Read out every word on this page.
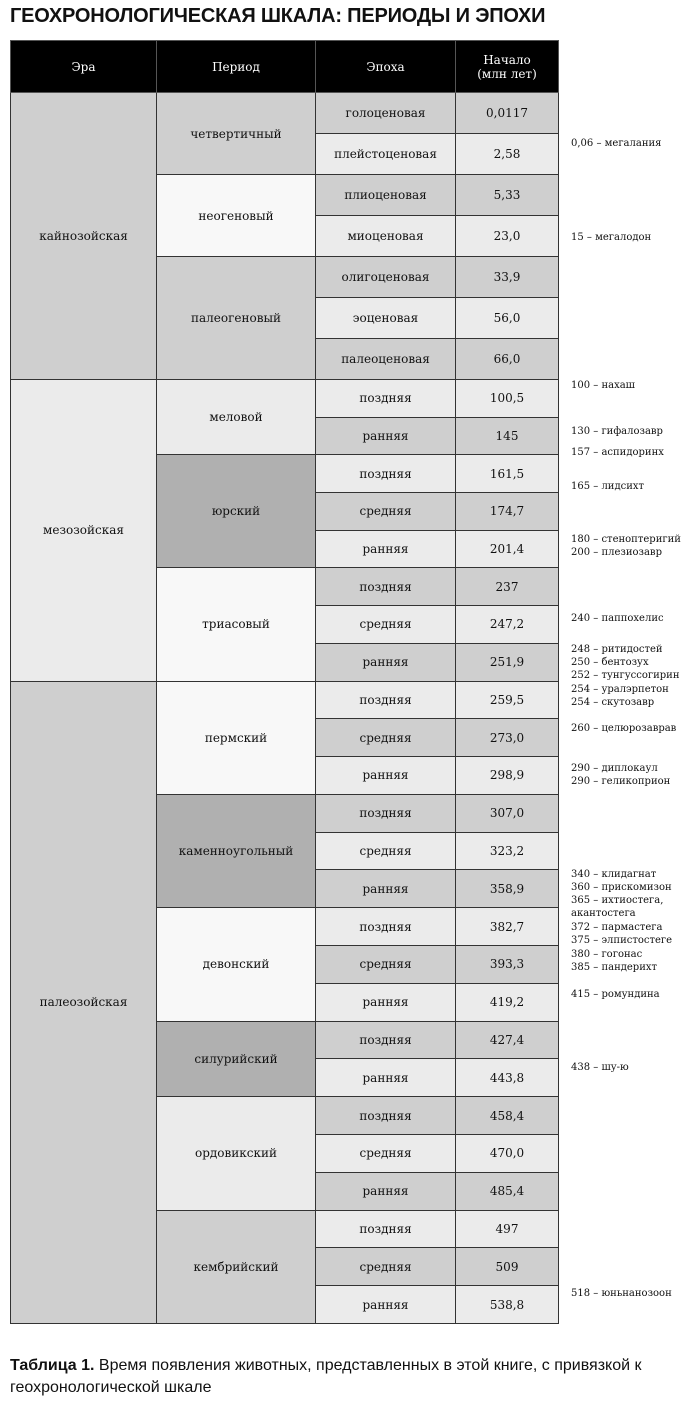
ГЕОХРОНОЛОГИЧЕСКАЯ ШКАЛА: ПЕРИОДЫ И ЭПОХИ
Эра	Период	Эпоха	Начало (млн лет)
кайнозойская	четвертичный	голоценовая	0,0117
		плейстоценовая	2,58
	неогеновый	плиоценовая	5,33
		миоценовая	23,0
	палеогеновый	олигоценовая	33,9
		эоценовая	56,0
		палеоценовая	66,0
мезозойская	меловой	поздняя	100,5
		ранняя	145
	юрский	поздняя	161,5
		средняя	174,7
		ранняя	201,4
	триасовый	поздняя	237
		средняя	247,2
		ранняя	251,9
палеозойская	пермский	поздняя	259,5
		средняя	273,0
		ранняя	298,9
	каменноугольный	поздняя	307,0
		средняя	323,2
		ранняя	358,9
	девонский	поздняя	382,7
		средняя	393,3
		ранняя	419,2
	силурийский	поздняя	427,4
		ранняя	443,8
	ордовикский	поздняя	458,4
		средняя	470,0
		ранняя	485,4
	кембрийский	поздняя	497
		средняя	509
		ранняя	538,8
0,06 – мегалания
15 – мегалодон
100 – нахаш
130 – гифалозавр
157 – аспидоринх
165 – лидсихт
180 – стеноптеригий
200 – плезиозавр
240 – паппохелис
248 – ритидостей
250 – бентозух
252 – тунгуссогирин
254 – уралэрпетон
254 – скутозавр
260 – целюрозаврав
290 – диплокаул
290 – геликоприон
340 – клидагнат
360 – прискомизон
365 – ихтиостега,
акантостега
372 – пармастега
375 – элпистостеге
380 – гогонас
385 – пандерихт
415 – ромундина
438 – шу-ю
518 – юньнанозоон
Таблица 1. Время появления животных, представленных в этой книге, с привязкой к геохронологической шкале
